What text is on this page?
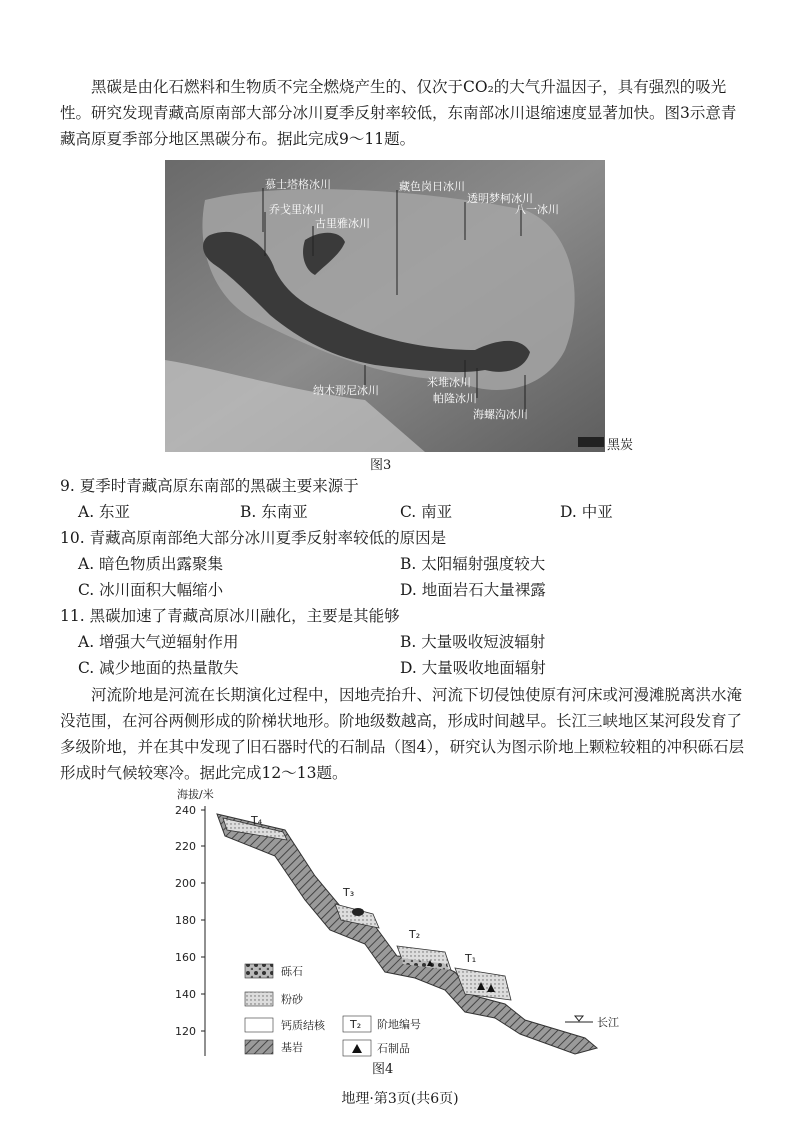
黑碳是由化石燃料和生物质不完全燃烧产生的、仅次于CO₂的大气升温因子，具有强烈的吸光性。研究发现青藏高原南部大部分冰川夏季反射率较低，东南部冰川退缩速度显著加快。图3示意青藏高原夏季部分地区黑碳分布。据此完成9～11题。

慕士塔格冰川
乔戈里冰川
古里雅冰川
藏色岗日冰川
透明梦柯冰川
八一冰川
纳木那尼冰川
米堆冰川
帕隆冰川
海螺沟冰川
黑炭
图3
9. 夏季时青藏高原东南部的黑碳主要来源于
A. 东亚	B. 东南亚	C. 南亚	D. 中亚
10. 青藏高原南部绝大部分冰川夏季反射率较低的原因是
A. 暗色物质出露聚集	B. 太阳辐射强度较大
C. 冰川面积大幅缩小	D. 地面岩石大量裸露
11. 黑碳加速了青藏高原冰川融化，主要是其能够
A. 增强大气逆辐射作用	B. 大量吸收短波辐射
C. 减少地面的热量散失	D. 大量吸收地面辐射

河流阶地是河流在长期演化过程中，因地壳抬升、河流下切侵蚀使原有河床或河漫滩脱离洪水淹没范围，在河谷两侧形成的阶梯状地形。阶地级数越高，形成时间越早。长江三峡地区某河段发育了多级阶地，并在其中发现了旧石器时代的石制品（图4），研究认为图示阶地上颗粒较粗的冲积砾石层形成时气候较寒冷。据此完成12～13题。

海拔/米
240
220
200
180
160
140
120
T₄
T₃
T₂
T₁
长江
砾石
粉砂
钙质结核
基岩
T₂ 阶地编号
石制品
图4
地理·第3页(共6页)
